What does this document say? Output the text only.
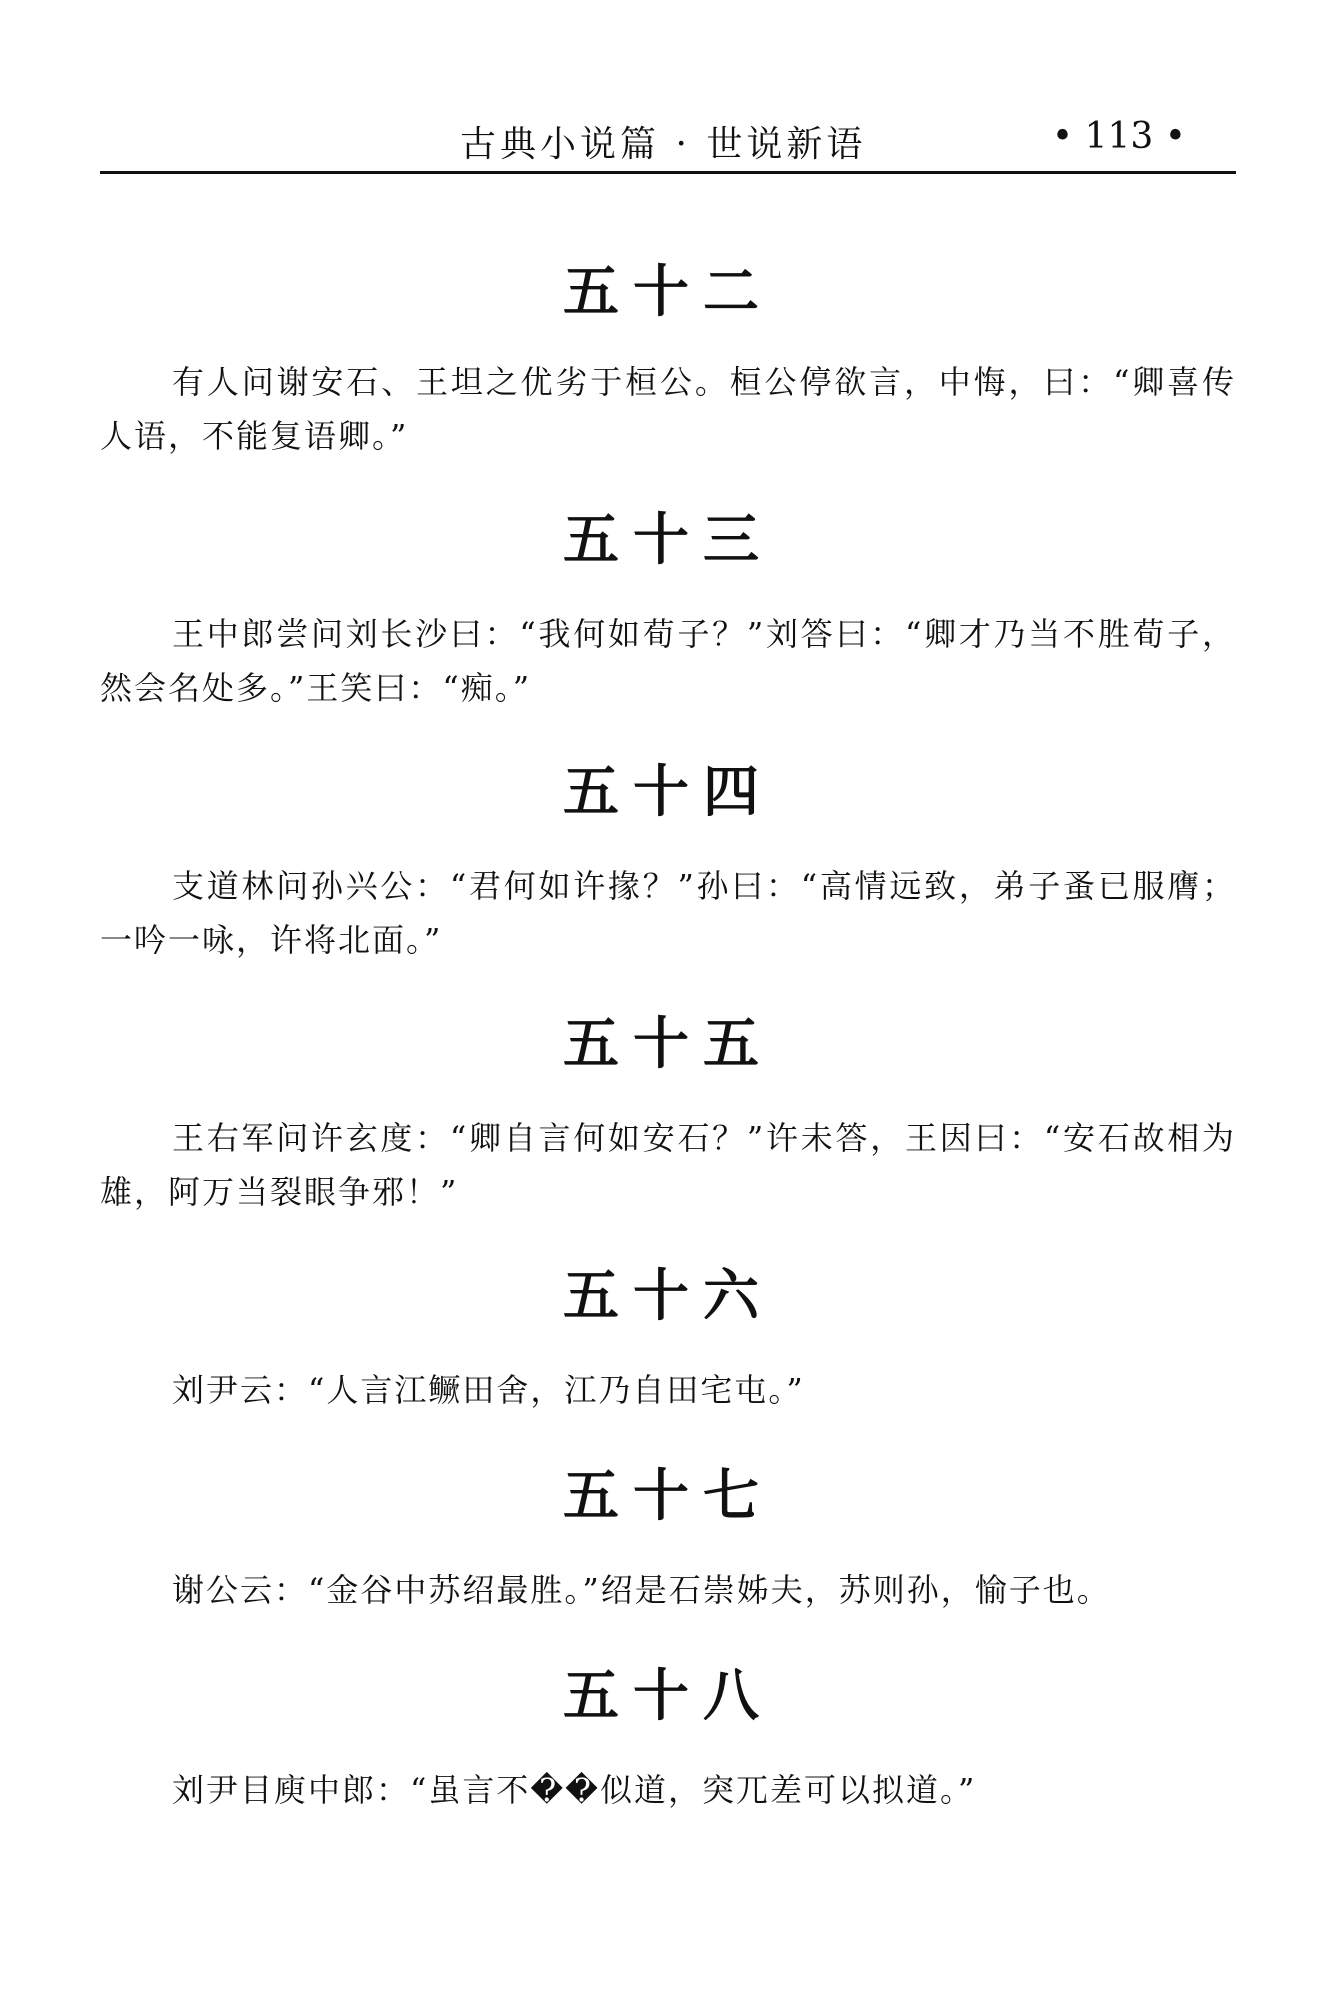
古典小说篇 · 世说新语	• 113 •
五十二

有人问谢安石、王坦之优劣于桓公。桓公停欲言，中悔，曰：“卿喜传人语，不能复语卿。”

五十三

王中郎尝问刘长沙曰：“我何如荀子？”刘答曰：“卿才乃当不胜荀子，然会名处多。”王笑曰：“痴。”

五十四

支道林问孙兴公：“君何如许掾？”孙曰：“高情远致，弟子蚤已服膺；一吟一咏，许将北面。”

五十五

王右军问许玄度：“卿自言何如安石？”许未答，王因曰：“安石故相为雄，阿万当裂眼争邪！”

五十六

刘尹云：“人言江鳜田舍，江乃自田宅屯。”

五十七

谢公云：“金谷中苏绍最胜。”绍是石崇姊夫，苏则孙，愉子也。

五十八

刘尹目庾中郎：“虽言不��似道，突兀差可以拟道。”
